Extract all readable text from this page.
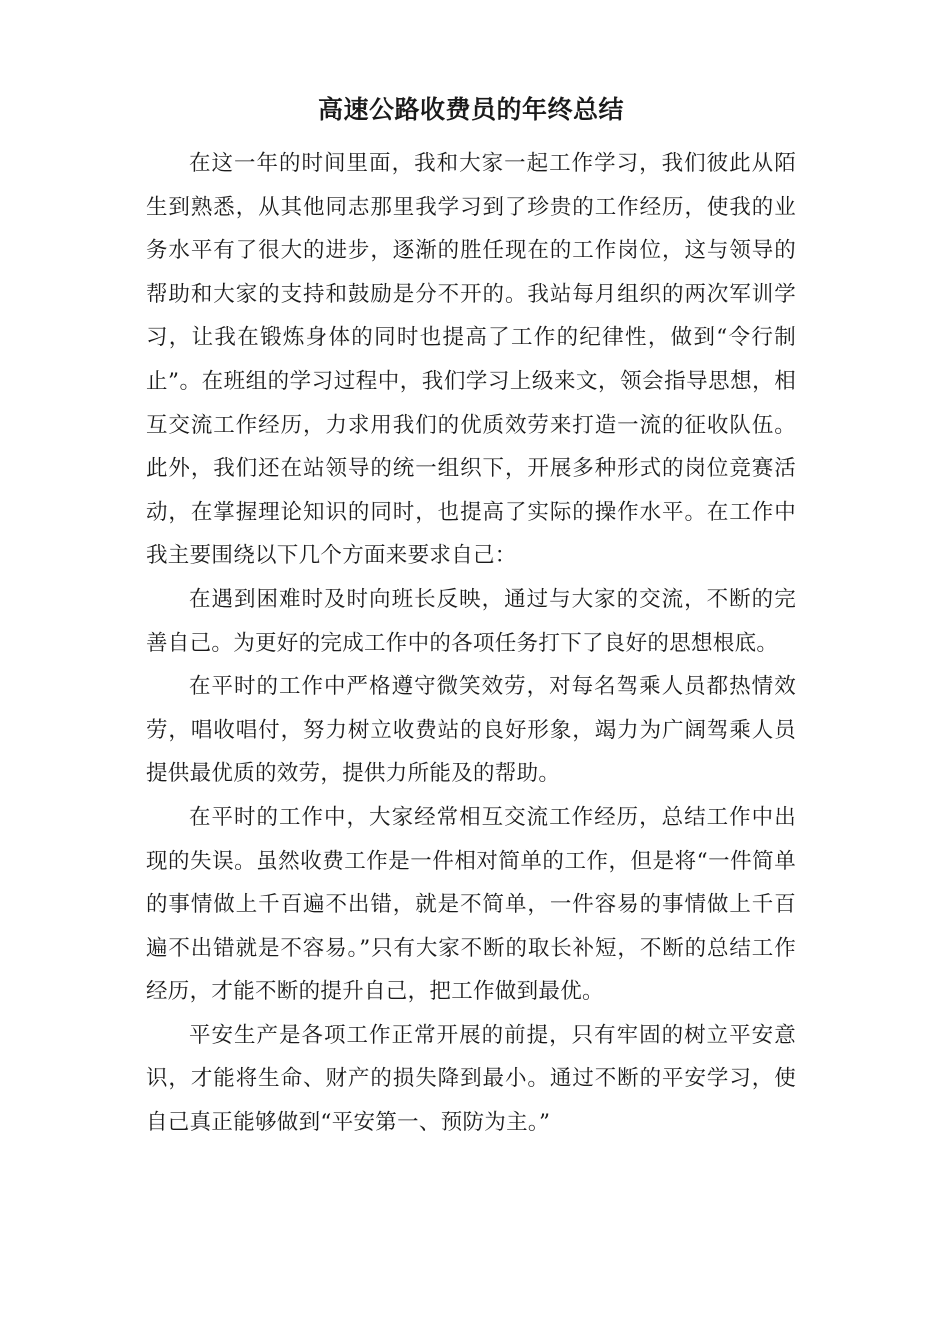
高速公路收费员的年终总结

在这一年的时间里面，我和大家一起工作学习，我们彼此从陌生到熟悉，从其他同志那里我学习到了珍贵的工作经历，使我的业务水平有了很大的进步，逐渐的胜任现在的工作岗位，这与领导的帮助和大家的支持和鼓励是分不开的。我站每月组织的两次军训学习，让我在锻炼身体的同时也提高了工作的纪律性，做到“令行制止”。在班组的学习过程中，我们学习上级来文，领会指导思想，相互交流工作经历，力求用我们的优质效劳来打造一流的征收队伍。此外，我们还在站领导的统一组织下，开展多种形式的岗位竞赛活动，在掌握理论知识的同时，也提高了实际的操作水平。在工作中我主要围绕以下几个方面来要求自己：

在遇到困难时及时向班长反映，通过与大家的交流，不断的完善自己。为更好的完成工作中的各项任务打下了良好的思想根底。

在平时的工作中严格遵守微笑效劳，对每名驾乘人员都热情效劳，唱收唱付，努力树立收费站的良好形象，竭力为广阔驾乘人员提供最优质的效劳，提供力所能及的帮助。

在平时的工作中，大家经常相互交流工作经历，总结工作中出现的失误。虽然收费工作是一件相对简单的工作，但是将“一件简单的事情做上千百遍不出错，就是不简单，一件容易的事情做上千百遍不出错就是不容易。”只有大家不断的取长补短，不断的总结工作经历，才能不断的提升自己，把工作做到最优。

平安生产是各项工作正常开展的前提，只有牢固的树立平安意识，才能将生命、财产的损失降到最小。通过不断的平安学习，使自己真正能够做到“平安第一、预防为主。”
